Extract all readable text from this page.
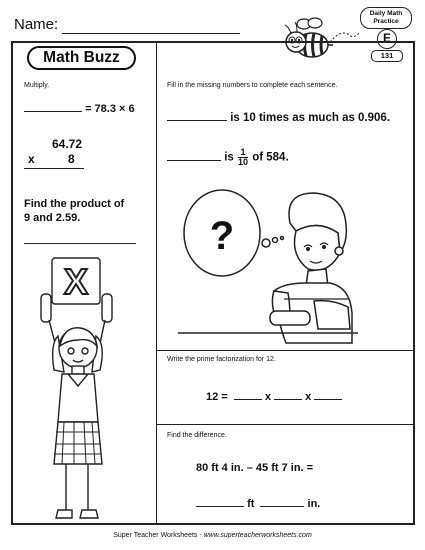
Name:
Daily Math
Practice
E
131
Math Buzz
Multiply.
= 78.3 × 6
64.72
x	8
Find the product of
9 and 2.59.
X
Fill in the missing numbers to complete each sentence.
is 10 times as much as 0.906.
is $\frac{1}{10}$ of 584.
?
Write the prime factorization for 12.
12 =	x	x
Find the difference.
80 ft 4 in. – 45 ft 7 in. =
ft	in.
Super Teacher Worksheets - www.superteacherworksheets.com
